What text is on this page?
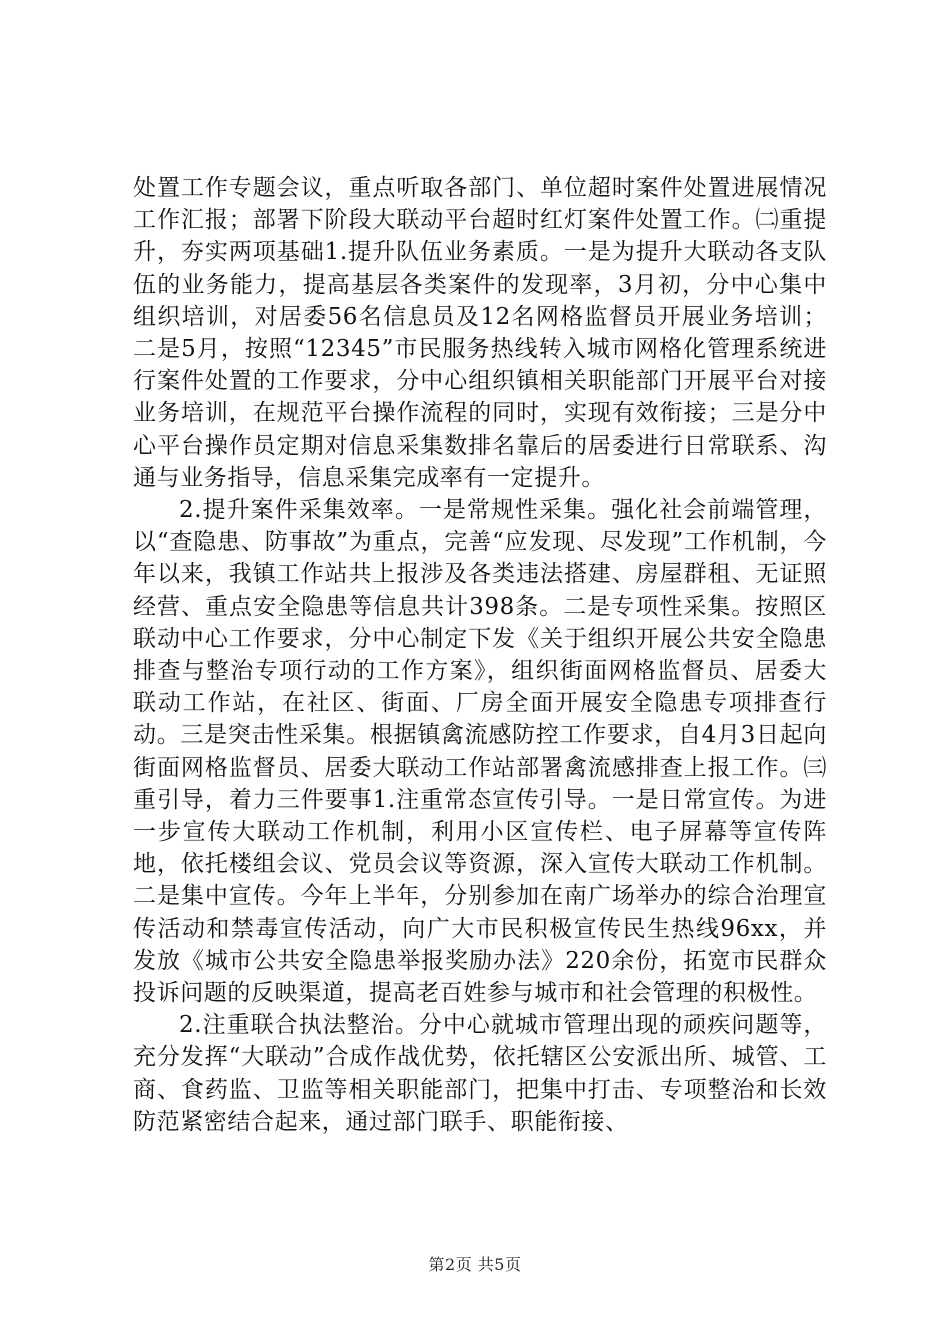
处置工作专题会议，重点听取各部门、单位超时案件处置进展情况工作汇报；部署下阶段大联动平台超时红灯案件处置工作。㈡重提升，夯实两项基础1.提升队伍业务素质。一是为提升大联动各支队伍的业务能力，提高基层各类案件的发现率，3月初，分中心集中组织培训，对居委56名信息员及12名网格监督员开展业务培训；二是5月，按照“12345”市民服务热线转入城市网格化管理系统进行案件处置的工作要求，分中心组织镇相关职能部门开展平台对接业务培训，在规范平台操作流程的同时，实现有效衔接；三是分中心平台操作员定期对信息采集数排名靠后的居委进行日常联系、沟通与业务指导，信息采集完成率有一定提升。

2.提升案件采集效率。一是常规性采集。强化社会前端管理，以“查隐患、防事故”为重点，完善“应发现、尽发现”工作机制，今年以来，我镇工作站共上报涉及各类违法搭建、房屋群租、无证照经营、重点安全隐患等信息共计398条。二是专项性采集。按照区联动中心工作要求，分中心制定下发《关于组织开展公共安全隐患排查与整治专项行动的工作方案》，组织街面网格监督员、居委大联动工作站，在社区、街面、厂房全面开展安全隐患专项排查行动。三是突击性采集。根据镇禽流感防控工作要求，自4月3日起向街面网格监督员、居委大联动工作站部署禽流感排查上报工作。㈢重引导，着力三件要事1.注重常态宣传引导。一是日常宣传。为进一步宣传大联动工作机制，利用小区宣传栏、电子屏幕等宣传阵地，依托楼组会议、党员会议等资源，深入宣传大联动工作机制。二是集中宣传。今年上半年，分别参加在南广场举办的综合治理宣传活动和禁毒宣传活动，向广大市民积极宣传民生热线96xx，并发放《城市公共安全隐患举报奖励办法》220余份，拓宽市民群众投诉问题的反映渠道，提高老百姓参与城市和社会管理的积极性。

2.注重联合执法整治。分中心就城市管理出现的顽疾问题等，充分发挥“大联动”合成作战优势，依托辖区公安派出所、城管、工商、食药监、卫监等相关职能部门，把集中打击、专项整治和长效防范紧密结合起来，通过部门联手、职能衔接、

第2页 共5页
